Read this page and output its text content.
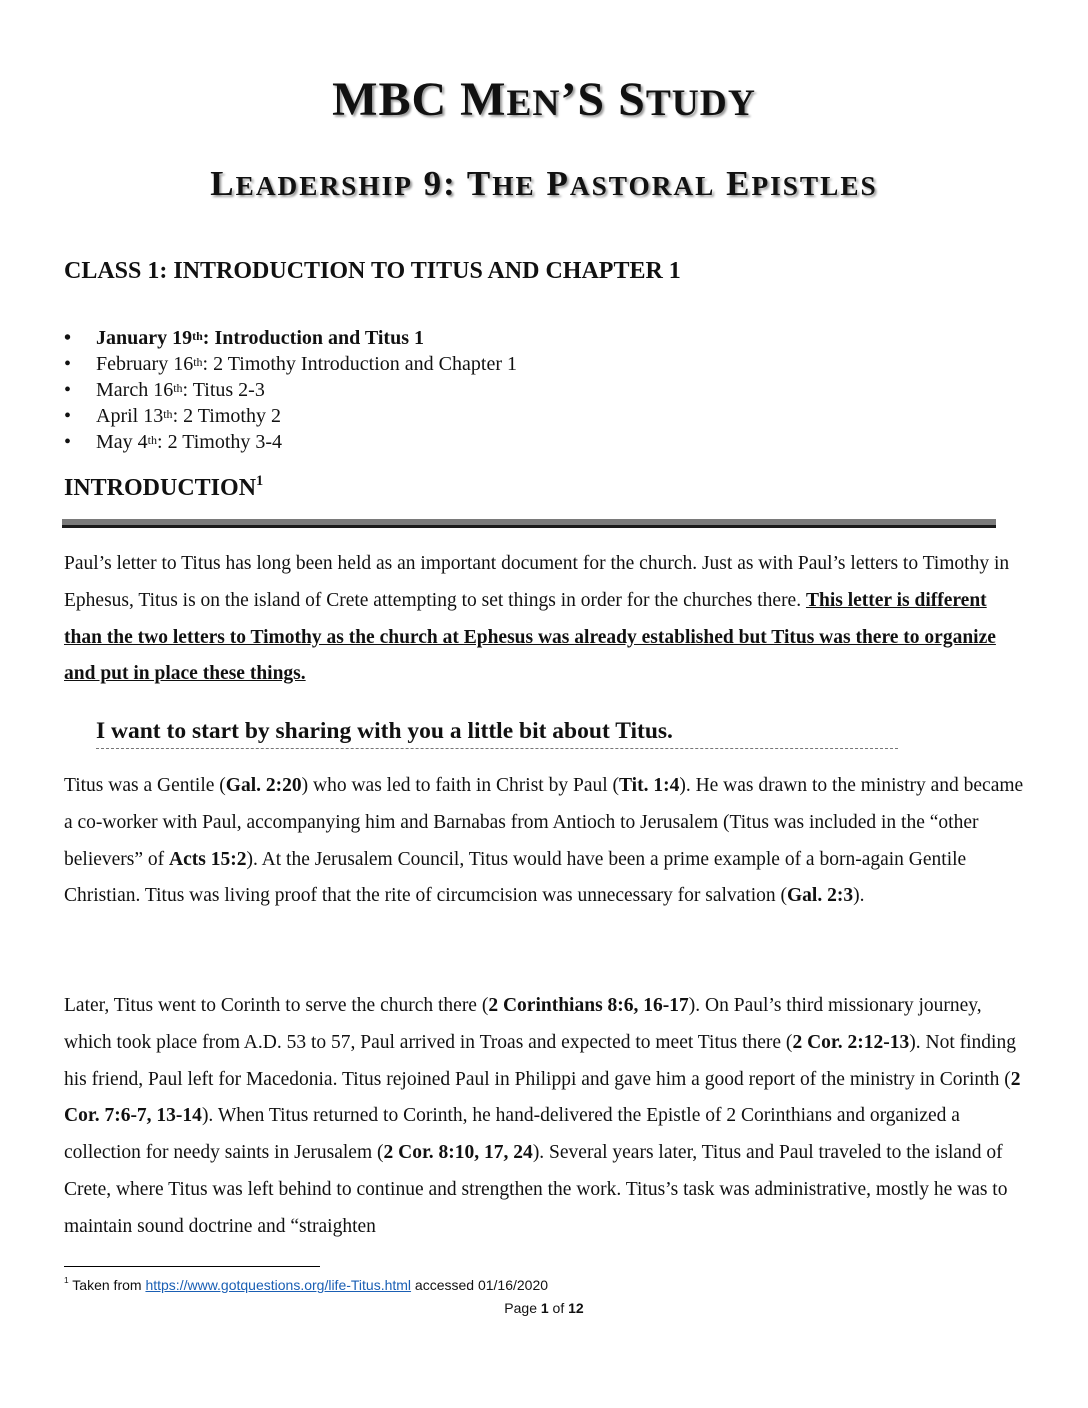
MBC MEN’S STUDY
LEADERSHIP 9: THE PASTORAL EPISTLES
CLASS 1: INTRODUCTION TO TITUS AND CHAPTER 1
• January 19th: Introduction and Titus 1
• February 16th: 2 Timothy Introduction and Chapter 1
• March 16th: Titus 2-3
• April 13th: 2 Timothy 2
• May 4th: 2 Timothy 3-4
INTRODUCTION$^1$
Paul’s letter to Titus has long been held as an important document for the church. Just as with Paul’s letters to Timothy in Ephesus, Titus is on the island of Crete attempting to set things in order for the churches there. This letter is different than the two letters to Timothy as the church at Ephesus was already established but Titus was there to organize and put in place these things.
I want to start by sharing with you a little bit about Titus.
Titus was a Gentile (Gal. 2:20) who was led to faith in Christ by Paul (Tit. 1:4). He was drawn to the ministry and became a co-worker with Paul, accompanying him and Barnabas from Antioch to Jerusalem (Titus was included in the “other believers” of Acts 15:2). At the Jerusalem Council, Titus would have been a prime example of a born-again Gentile Christian. Titus was living proof that the rite of circumcision was unnecessary for salvation (Gal. 2:3).
Later, Titus went to Corinth to serve the church there (2 Corinthians 8:6, 16-17). On Paul’s third missionary journey, which took place from A.D. 53 to 57, Paul arrived in Troas and expected to meet Titus there (2 Cor. 2:12-13). Not finding his friend, Paul left for Macedonia. Titus rejoined Paul in Philippi and gave him a good report of the ministry in Corinth (2 Cor. 7:6-7, 13-14). When Titus returned to Corinth, he hand-delivered the Epistle of 2 Corinthians and organized a collection for needy saints in Jerusalem (2 Cor. 8:10, 17, 24). Several years later, Titus and Paul traveled to the island of Crete, where Titus was left behind to continue and strengthen the work. Titus’s task was administrative, mostly he was to maintain sound doctrine and “straighten
$^1$ Taken from https://www.gotquestions.org/life-Titus.html accessed 01/16/2020
Page 1 of 12
